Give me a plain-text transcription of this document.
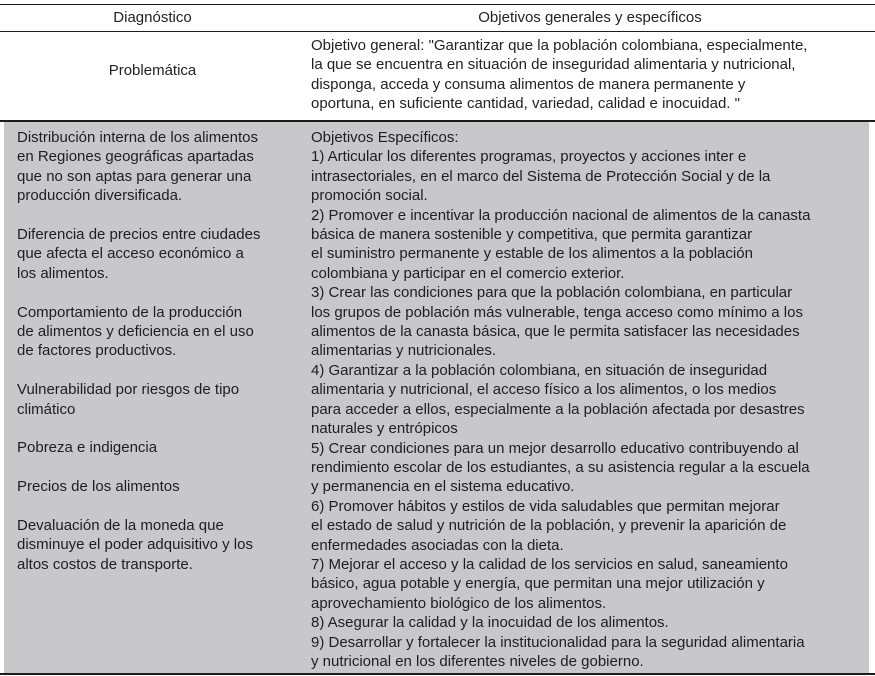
Diagnóstico	Objetivos generales y específicos
Problemática
Objetivo general: "Garantizar que la población colombiana, especialmente,
la que se encuentra en situación de inseguridad alimentaria y nutricional,
disponga, acceda y consuma alimentos de manera permanente y
oportuna, en suficiente cantidad, variedad, calidad e inocuidad. "
Distribución interna de los alimentos
en Regiones geográficas apartadas
que no son aptas para generar una
producción diversificada.
Diferencia de precios entre ciudades
que afecta el acceso económico a
los alimentos.
Comportamiento de la producción
de alimentos y deficiencia en el uso
de factores productivos.
Vulnerabilidad por riesgos de tipo
climático
Pobreza e indigencia
Precios de los alimentos
Devaluación de la moneda que
disminuye el poder adquisitivo y los
altos costos de transporte.
Objetivos Específicos:
1) Articular los diferentes programas, proyectos y acciones inter e
intrasectoriales, en el marco del Sistema de Protección Social y de la
promoción social.
2) Promover e incentivar la producción nacional de alimentos de la canasta
básica de manera sostenible y competitiva, que permita garantizar
el suministro permanente y estable de los alimentos a la población
colombiana y participar en el comercio exterior.
3) Crear las condiciones para que la población colombiana, en particular
los grupos de población más vulnerable, tenga acceso como mínimo a los
alimentos de la canasta básica, que le permita satisfacer las necesidades
alimentarias y nutricionales.
4) Garantizar a la población colombiana, en situación de inseguridad
alimentaria y nutricional, el acceso físico a los alimentos, o los medios
para acceder a ellos, especialmente a la población afectada por desastres
naturales y entrópicos
5) Crear condiciones para un mejor desarrollo educativo contribuyendo al
rendimiento escolar de los estudiantes, a su asistencia regular a la escuela
y permanencia en el sistema educativo.
6) Promover hábitos y estilos de vida saludables que permitan mejorar
el estado de salud y nutrición de la población, y prevenir la aparición de
enfermedades asociadas con la dieta.
7) Mejorar el acceso y la calidad de los servicios en salud, saneamiento
básico, agua potable y energía, que permitan una mejor utilización y
aprovechamiento biológico de los alimentos.
8) Asegurar la calidad y la inocuidad de los alimentos.
9) Desarrollar y fortalecer la institucionalidad para la seguridad alimentaria
y nutricional en los diferentes niveles de gobierno.
